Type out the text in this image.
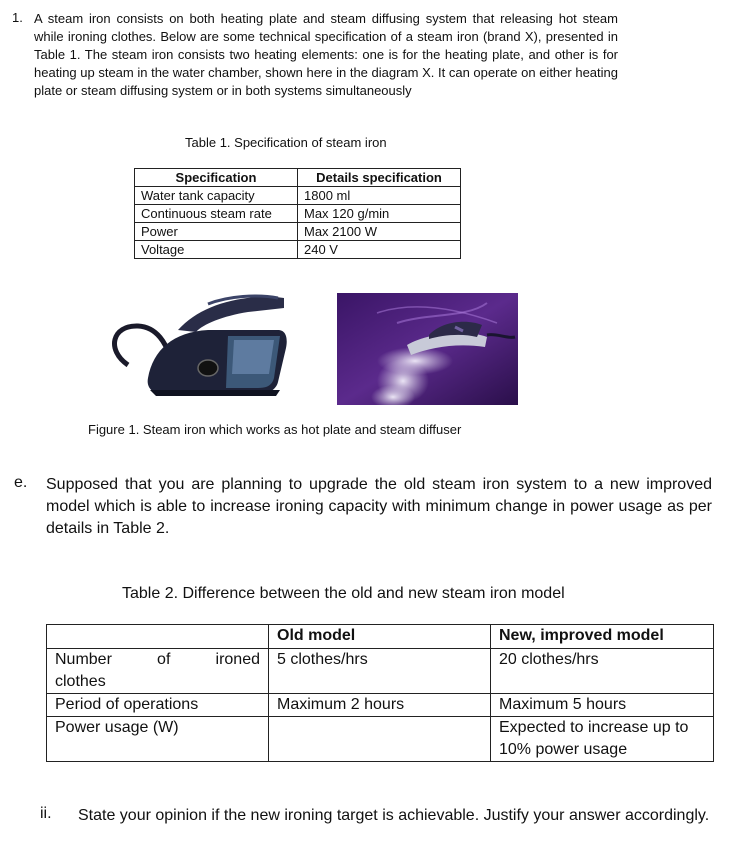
1. A steam iron consists on both heating plate and steam diffusing system that releasing hot steam while ironing clothes. Below are some technical specification of a steam iron (brand X), presented in Table 1. The steam iron consists two heating elements: one is for the heating plate, and other is for heating up steam in the water chamber, shown here in the diagram X. It can operate on either heating plate or steam diffusing system or in both systems simultaneously
Table 1. Specification of steam iron
Specification	Details specification
Water tank capacity	1800 ml
Continuous steam rate	Max 120 g/min
Power	Max 2100 W
Voltage	240 V
Figure 1. Steam iron which works as hot plate and steam diffuser
e. Supposed that you are planning to upgrade the old steam iron system to a new improved model which is able to increase ironing capacity with minimum change in power usage as per details in Table 2.
Table 2. Difference between the old and new steam iron model
	Old model	New, improved model

Number of ironed
clothes	5 clothes/hrs	20 clothes/hrs
Period of operations	Maximum 2 hours	Maximum 5 hours
Power usage (W)		Expected to increase up to 10% power usage
ii. State your opinion if the new ironing target is achievable. Justify your answer accordingly.
